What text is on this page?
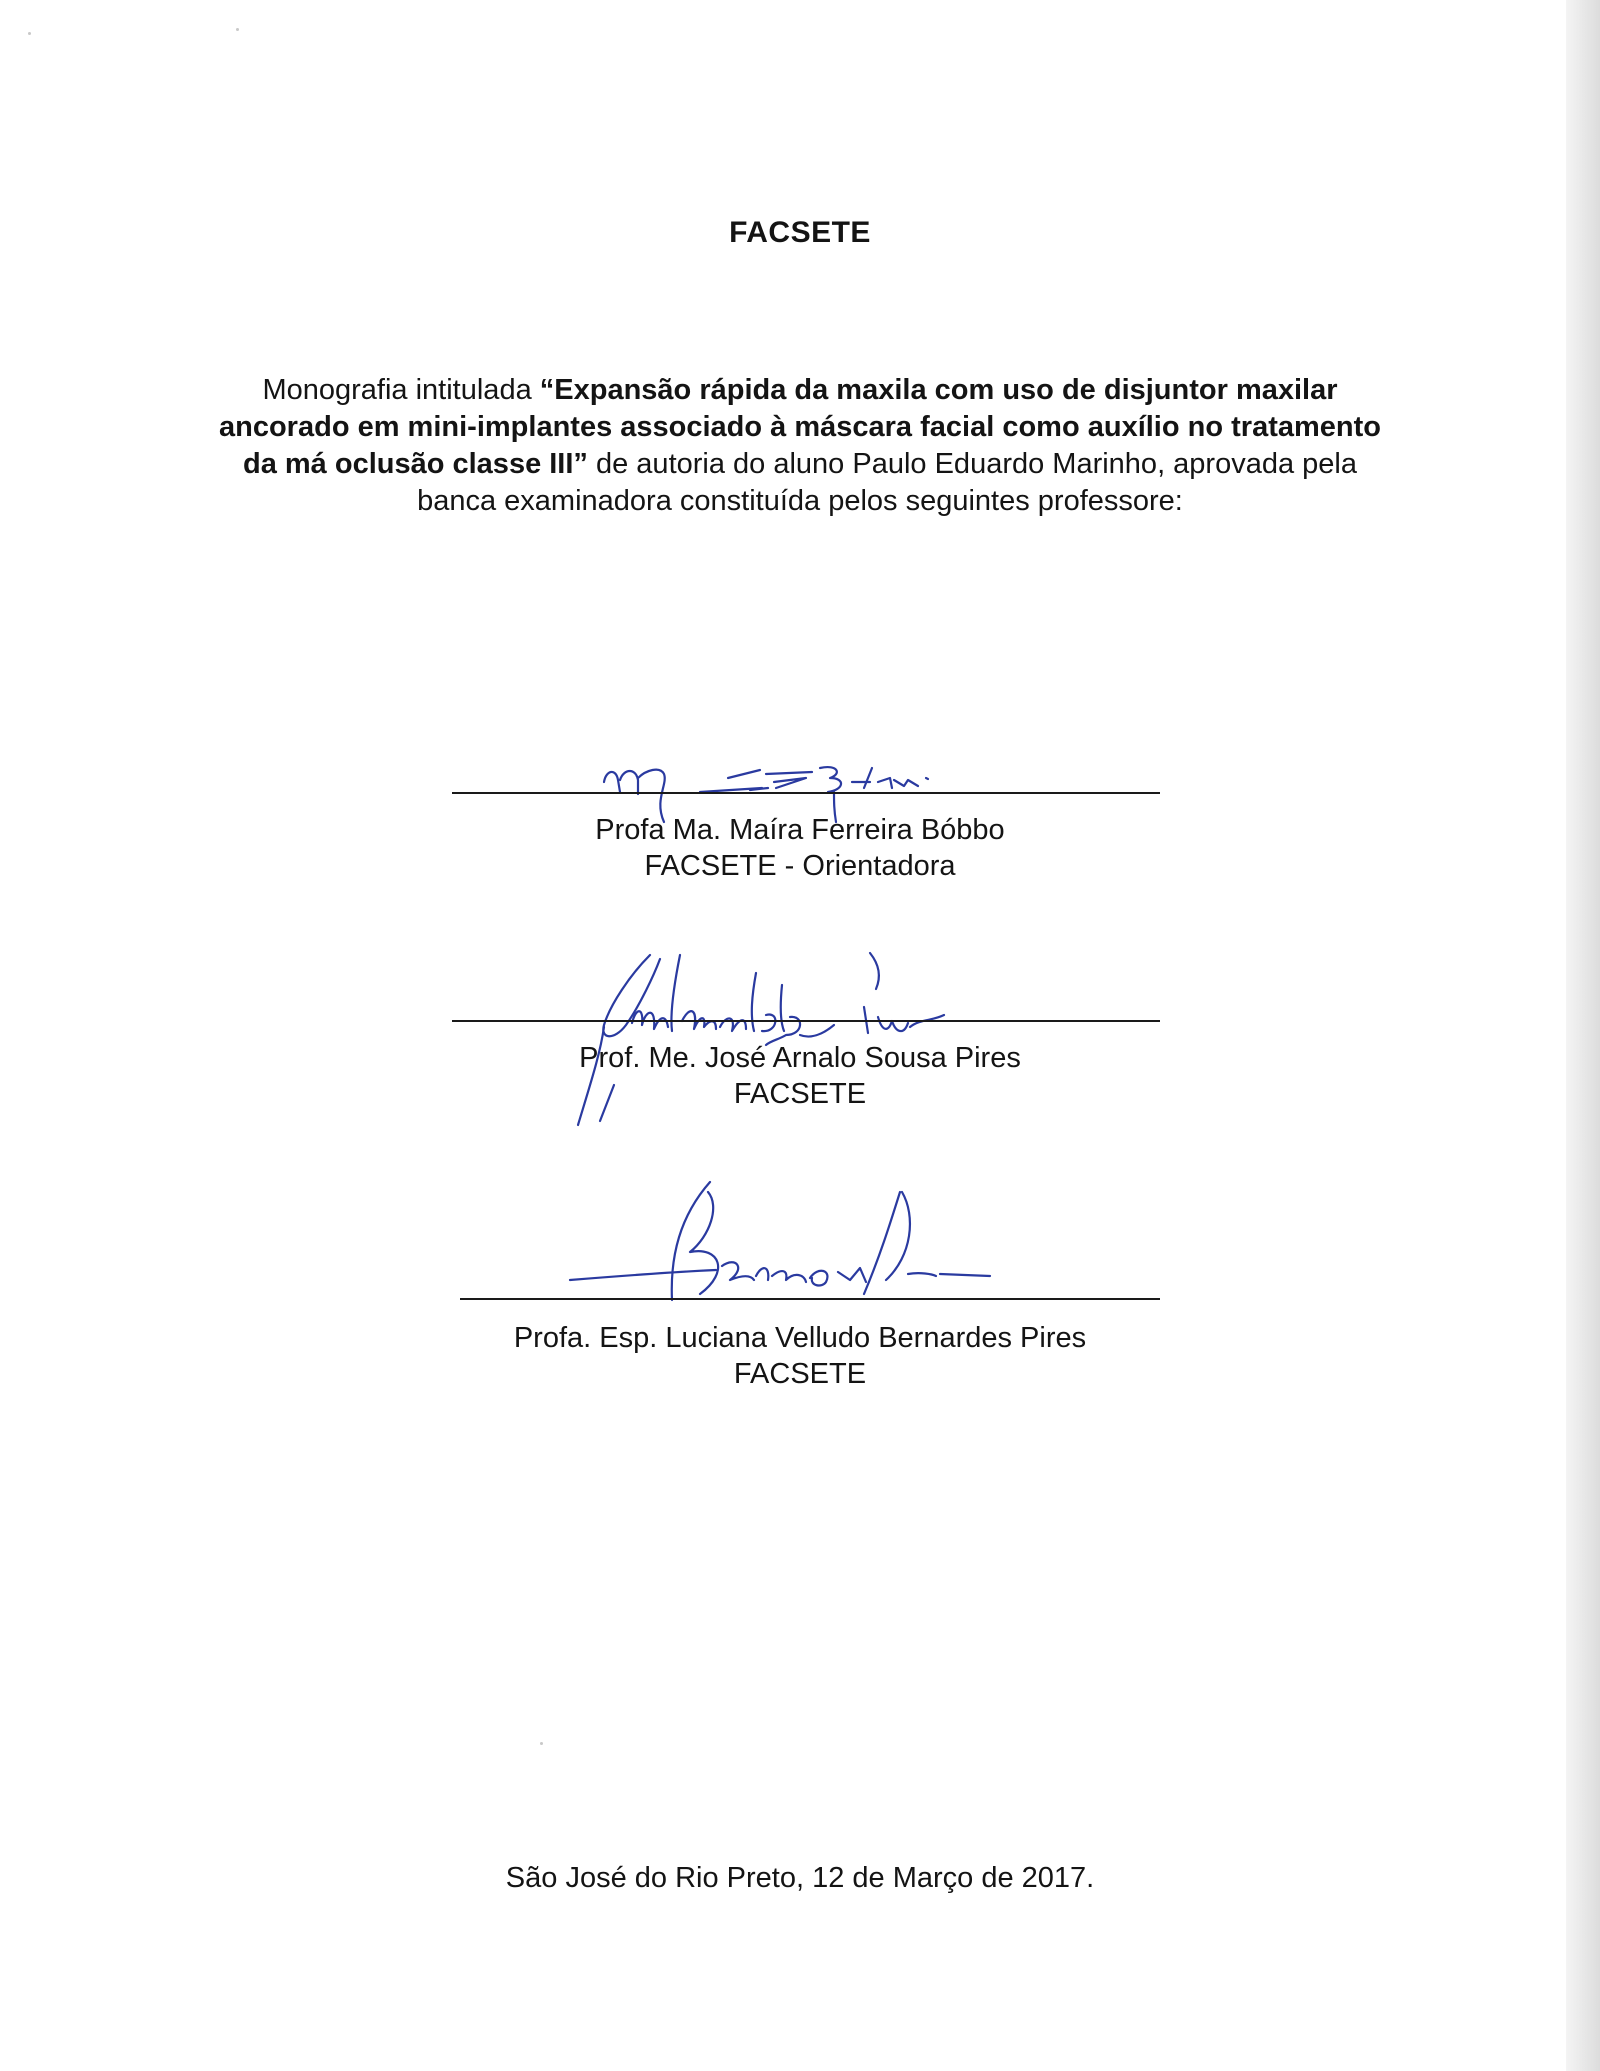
FACSETE
Monografia intitulada “Expansão rápida da maxila com uso de disjuntor maxilar ancorado em mini-implantes associado à máscara facial como auxílio no tratamento da má oclusão classe III” de autoria do aluno Paulo Eduardo Marinho, aprovada pela banca examinadora constituída pelos seguintes professore:
Profa Ma. Maíra Ferreira Bóbbo
FACSETE - Orientadora
Prof. Me. José Arnalo Sousa Pires
FACSETE
Profa. Esp. Luciana Velludo Bernardes Pires
FACSETE
São José do Rio Preto, 12 de Março de 2017.
